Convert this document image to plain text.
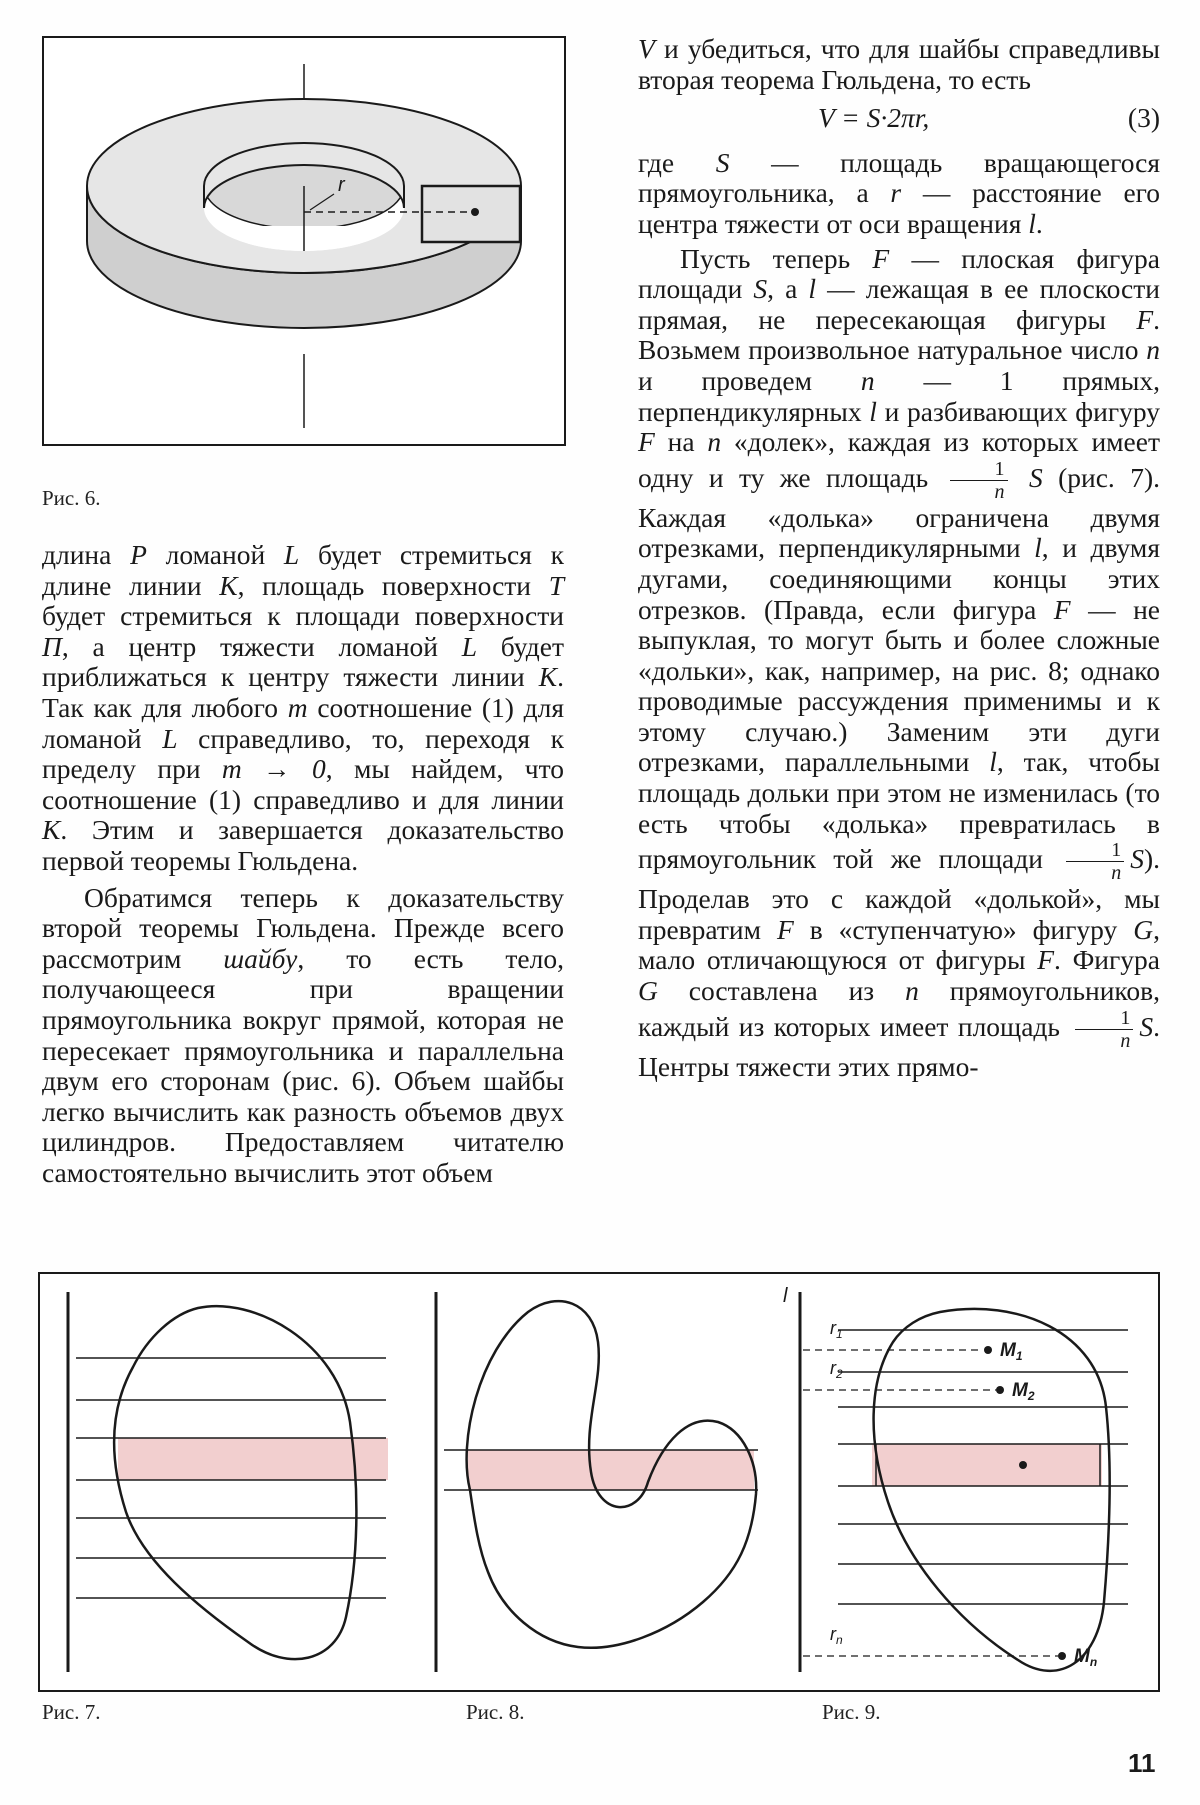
r
Рис. 6.

длина P ломаной L будет стремиться к длине линии K, площадь поверхности T будет стремиться к площади поверхности П, а центр тяжести ломаной L будет приближаться к центру тяжести линии K. Так как для любого m соотношение (1) для ломаной L справедливо, то, переходя к пределу при m → 0, мы найдем, что соотношение (1) справедливо и для линии K. Этим и завершается доказательство первой теоремы Гюльдена.

Обратимся теперь к доказательству второй теоремы Гюльдена. Прежде всего рассмотрим шайбу, то есть тело, получающееся при вращении прямоугольника вокруг прямой, которая не пересекает прямоугольника и параллельна двум его сторонам (рис. 6). Объем шайбы легко вычислить как разность объемов двух цилиндров. Предоставляем читателю самостоятельно вычислить этот объем

V и убедиться, что для шайбы справедливы вторая теорема Гюльдена, то есть

V = S·2πr,	(3)

где S — площадь вращающегося прямоугольника, а r — расстояние его центра тяжести от оси вращения l.

Пусть теперь F — плоская фигура площади S, а l — лежащая в ее плоскости прямая, не пересекающая фигуры F. Возьмем произвольное натуральное число n и проведем n — 1 прямых, перпендикулярных l и разбивающих фигуру F на n «долек», каждая из которых имеет одну и ту же площадь $\frac{1}{n}$ S (рис. 7). Каждая «долька» ограничена двумя отрезками, перпендикулярными l, и двумя дугами, соединяющими концы этих отрезков. (Правда, если фигура F — не выпуклая, то могут быть и более сложные «дольки», как, например, на рис. 8; однако проводимые рассуждения применимы и к этому случаю.) Заменим эти дуги отрезками, параллельными l, так, чтобы площадь дольки при этом не изменилась (то есть чтобы «долька» превратилась в прямоугольник той же площади $\frac{1}{n} S$). Проделав это с каждой «долькой», мы превратим F в «ступенчатую» фигуру G, мало отличающуюся от фигуры F. Фигура G составлена из n прямоугольников, каждый из которых имеет площадь $\frac{1}{n} S$. Центры тяжести этих прямо-

l
$r_1$
$r_2$
$r_n$
$M_1$
$M_2$
$M_n$
Рис. 7.	Рис. 8.	Рис. 9.
11
